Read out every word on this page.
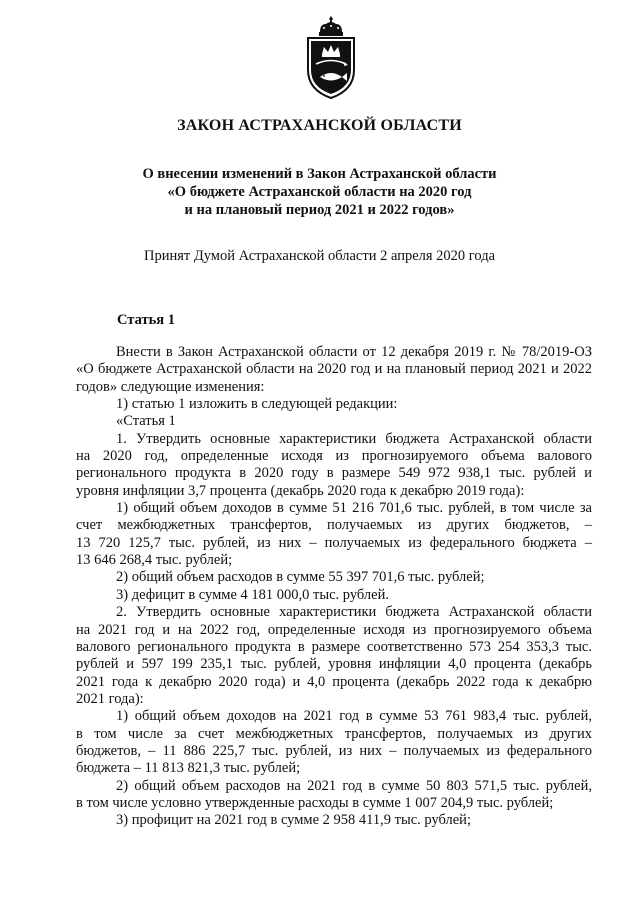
ЗАКОН АСТРАХАНСКОЙ ОБЛАСТИ
О внесении изменений в Закон Астраханской области
«О бюджете Астраханской области на 2020 год
и на плановый период 2021 и 2022 годов»
Принят Думой Астраханской области 2 апреля 2020 года
Статья 1
Внести в Закон Астраханской области от 12 декабря 2019 г. № 78/2019-ОЗ
«О бюджете Астраханской области на 2020 год и на плановый период 2021 и 2022
годов» следующие изменения:
1) статью 1 изложить в следующей редакции:
«Статья 1
1. Утвердить основные характеристики бюджета Астраханской области
на 2020 год, определенные исходя из прогнозируемого объема валового
регионального продукта в 2020 году в размере 549 972 938,1 тыс. рублей и
уровня инфляции 3,7 процента (декабрь 2020 года к декабрю 2019 года):
1) общий объем доходов в сумме 51 216 701,6 тыс. рублей, в том числе за
счет межбюджетных трансфертов, получаемых из других бюджетов, –
13 720 125,7 тыс. рублей, из них – получаемых из федерального бюджета –
13 646 268,4 тыс. рублей;
2) общий объем расходов в сумме 55 397 701,6 тыс. рублей;
3) дефицит в сумме 4 181 000,0 тыс. рублей.
2. Утвердить основные характеристики бюджета Астраханской области
на 2021 год и на 2022 год, определенные исходя из прогнозируемого объема
валового регионального продукта в размере соответственно 573 254 353,3 тыс.
рублей и 597 199 235,1 тыс. рублей, уровня инфляции 4,0 процента (декабрь
2021 года к декабрю 2020 года) и 4,0 процента (декабрь 2022 года к декабрю
2021 года):
1) общий объем доходов на 2021 год в сумме 53 761 983,4 тыс. рублей,
в том числе за счет межбюджетных трансфертов, получаемых из других
бюджетов, – 11 886 225,7 тыс. рублей, из них – получаемых из федерального
бюджета – 11 813 821,3 тыс. рублей;
2) общий объем расходов на 2021 год в сумме 50 803 571,5 тыс. рублей,
в том числе условно утвержденные расходы в сумме 1 007 204,9 тыс. рублей;
3) профицит на 2021 год в сумме 2 958 411,9 тыс. рублей;
